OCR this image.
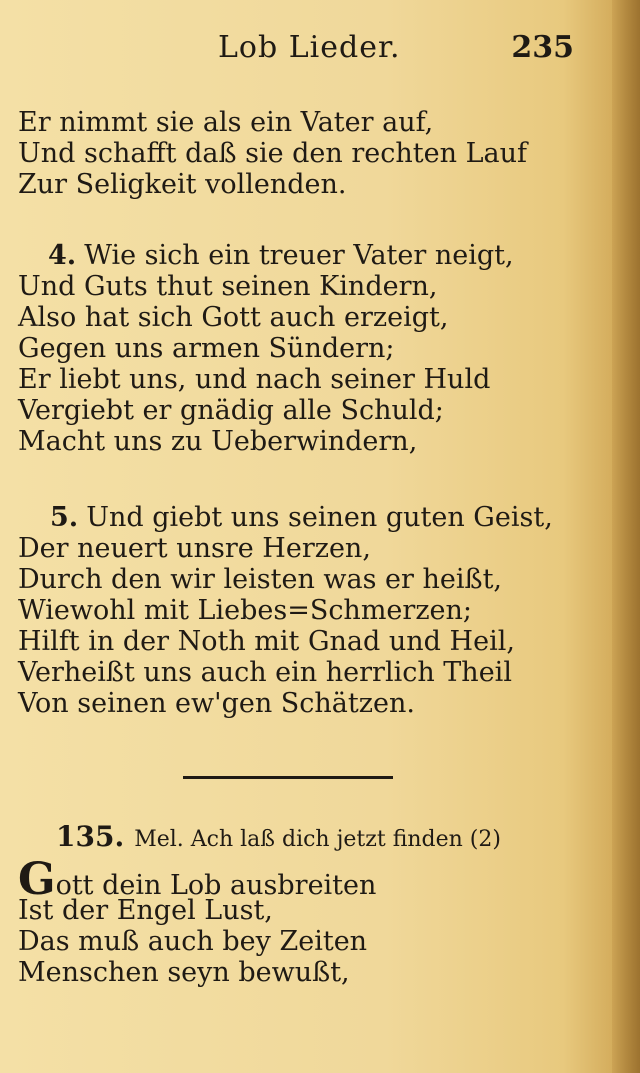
Lob Lieder.	235
Er nimmt sie als ein Vater auf,
Und schafft daß sie den rechten Lauf
Zur Seligkeit vollenden.
4. Wie sich ein treuer Vater neigt,
Und Guts thut seinen Kindern,
Also hat sich Gott auch erzeigt,
Gegen uns armen Sündern;
Er liebt uns, und nach seiner Huld
Vergiebt er gnädig alle Schuld;
Macht uns zu Ueberwindern,
5. Und giebt uns seinen guten Geist,
Der neuert unsre Herzen,
Durch den wir leisten was er heißt,
Wiewohl mit Liebes=Schmerzen;
Hilft in der Noth mit Gnad und Heil,
Verheißt uns auch ein herrlich Theil
Von seinen ew'gen Schätzen.
135. Mel. Ach laß dich jetzt finden (2)
Gott dein Lob ausbreiten
Ist der Engel Lust,
Das muß auch bey Zeiten
Menschen seyn bewußt,
